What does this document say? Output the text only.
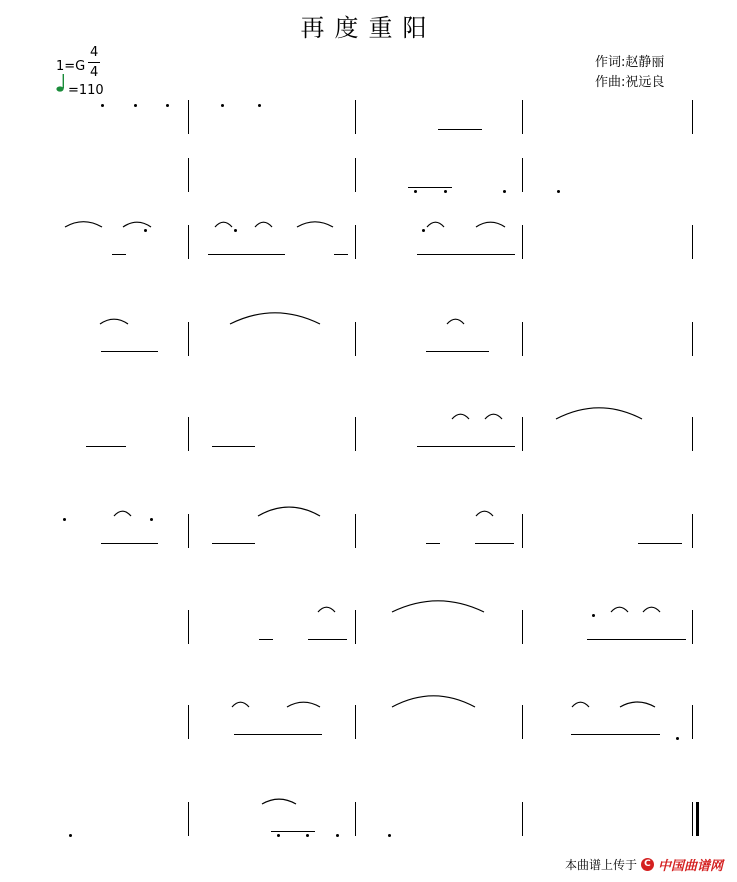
再度重阳
1=G
4
4
=110
作词:赵静丽
作曲:祝远良
本曲谱上传于 C 中国曲谱网
